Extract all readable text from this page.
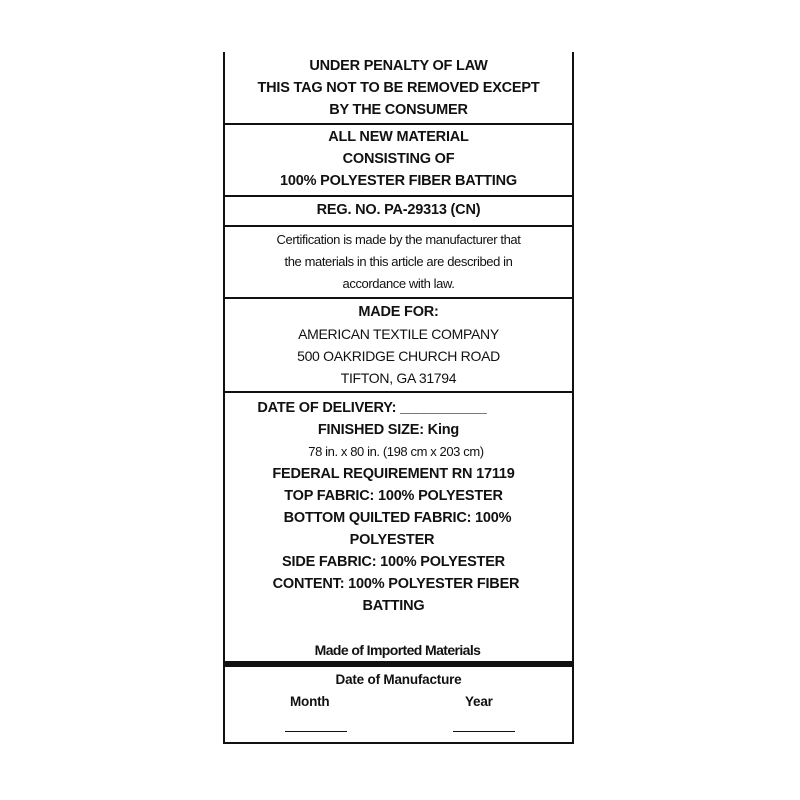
UNDER PENALTY OF LAW
THIS TAG NOT TO BE REMOVED EXCEPT
BY THE CONSUMER
ALL NEW MATERIAL
CONSISTING OF
100% POLYESTER FIBER BATTING
REG. NO. PA-29313 (CN)
Certification is made by the manufacturer that
the materials in this article are described in
accordance with law.
MADE FOR:
AMERICAN TEXTILE COMPANY
500 OAKRIDGE CHURCH ROAD
TIFTON, GA 31794
DATE OF DELIVERY: ___________
FINISHED SIZE: King
78 in. x 80 in. (198 cm x 203 cm)
FEDERAL REQUIREMENT RN 17119
TOP FABRIC: 100% POLYESTER
BOTTOM QUILTED FABRIC: 100%
POLYESTER
SIDE FABRIC: 100% POLYESTER
CONTENT: 100% POLYESTER FIBER
BATTING
Made of Imported Materials
Date of Manufacture
Month	Year
